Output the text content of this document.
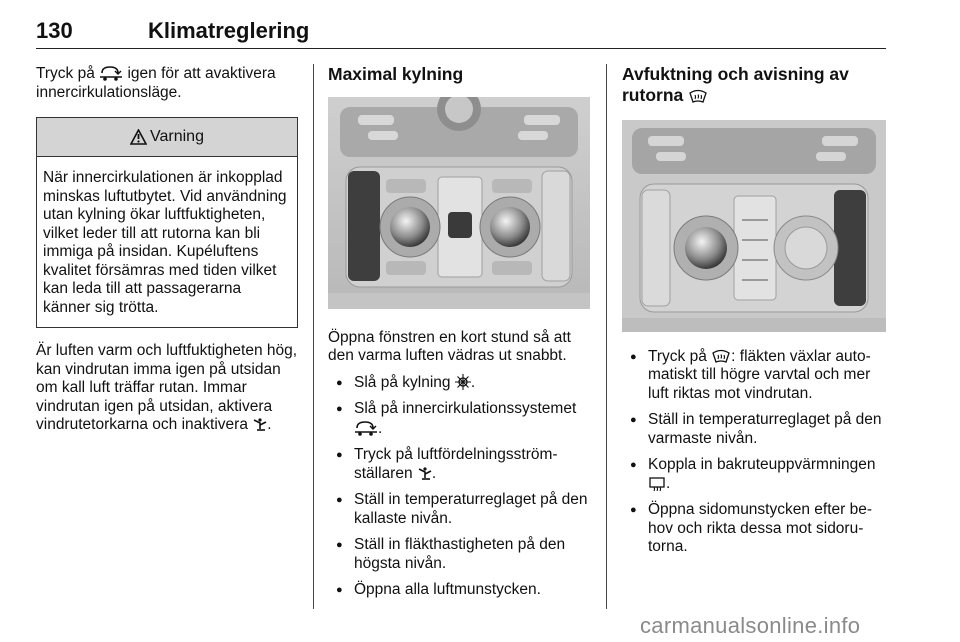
130	Klimatreglering

Tryck på igen för att avaktivera innercirkulationsläge.

Varning
När innercirkulationen är inkopplad minskas luftutbytet. Vid användning utan kylning ökar luftfuktigheten, vilket leder till att rutorna kan bli immiga på insidan. Kupéluftens kvalitet försämras med tiden vilket kan leda till att passagerarna känner sig trötta.

Är luften varm och luftfuktigheten hög, kan vindrutan imma igen på utsidan om kall luft träffar rutan. Immar vindrutan igen på utsidan, aktivera vindrutetorkarna och inaktivera .

Maximal kylning

Öppna fönstren en kort stund så att den varma luften vädras ut snabbt.

● Slå på kylning .
● Slå på innercirkulationssystemet
.
● Tryck på luftfördelningsströmställaren .
● Ställ in temperaturreglaget på den kallaste nivån.
● Ställ in fläkthastigheten på den högsta nivån.
● Öppna alla luftmunstycken.
Avfuktning och avisning av rutorna
● Tryck på : fläkten växlar automatiskt till högre varvtal och mer luft riktas mot vindrutan.
● Ställ in temperaturreglaget på den varmaste nivån.
● Koppla in bakruteuppvärmningen .
● Öppna sidomunstycken efter behov och rikta dessa mot sidorutorna.
carmanualsonline.info
